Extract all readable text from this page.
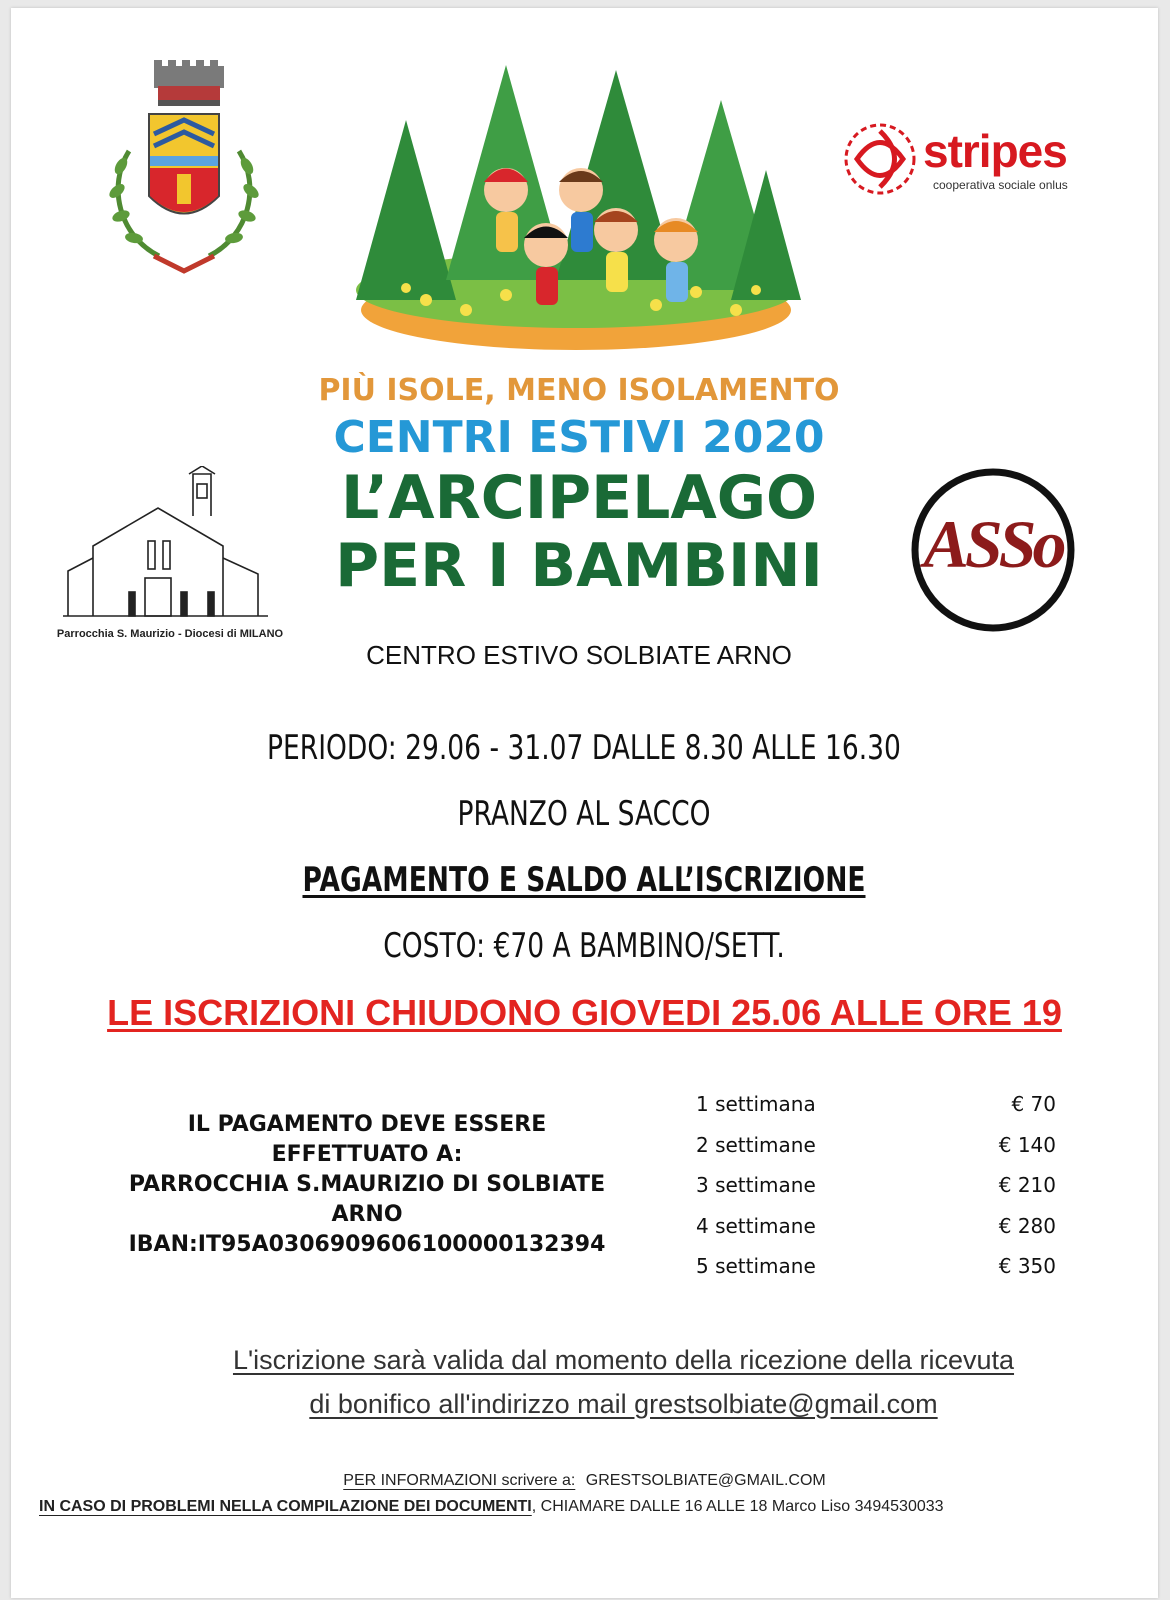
stripes
cooperativa sociale onlus
Parrocchia S. Maurizio - Diocesi di MILANO
ASSo
PIÙ ISOLE, MENO ISOLAMENTO
CENTRI ESTIVI 2020
L’ARCIPELAGO
PER I BAMBINI
CENTRO ESTIVO SOLBIATE ARNO
PERIODO: 29.06 - 31.07 DALLE 8.30 ALLE 16.30
PRANZO AL SACCO
PAGAMENTO E SALDO ALL’ISCRIZIONE
COSTO: €70 A BAMBINO/SETT.
LE ISCRIZIONI CHIUDONO GIOVEDI 25.06 ALLE ORE 19
IL PAGAMENTO DEVE ESSERE
EFFETTUATO A:
PARROCCHIA S.MAURIZIO DI SOLBIATE
ARNO
IBAN:IT95A0306909606100000132394
1 settimana	€ 70
2 settimane	€ 140
3 settimane	€ 210
4 settimane	€ 280
5 settimane	€ 350
L'iscrizione sarà valida dal momento della ricezione della ricevuta
di bonifico all'indirizzo mail grestsolbiate@gmail.com
PER INFORMAZIONI scrivere a: GRESTSOLBIATE@GMAIL.COM
IN CASO DI PROBLEMI NELLA COMPILAZIONE DEI DOCUMENTI, CHIAMARE DALLE 16 ALLE 18 Marco Liso 3494530033
